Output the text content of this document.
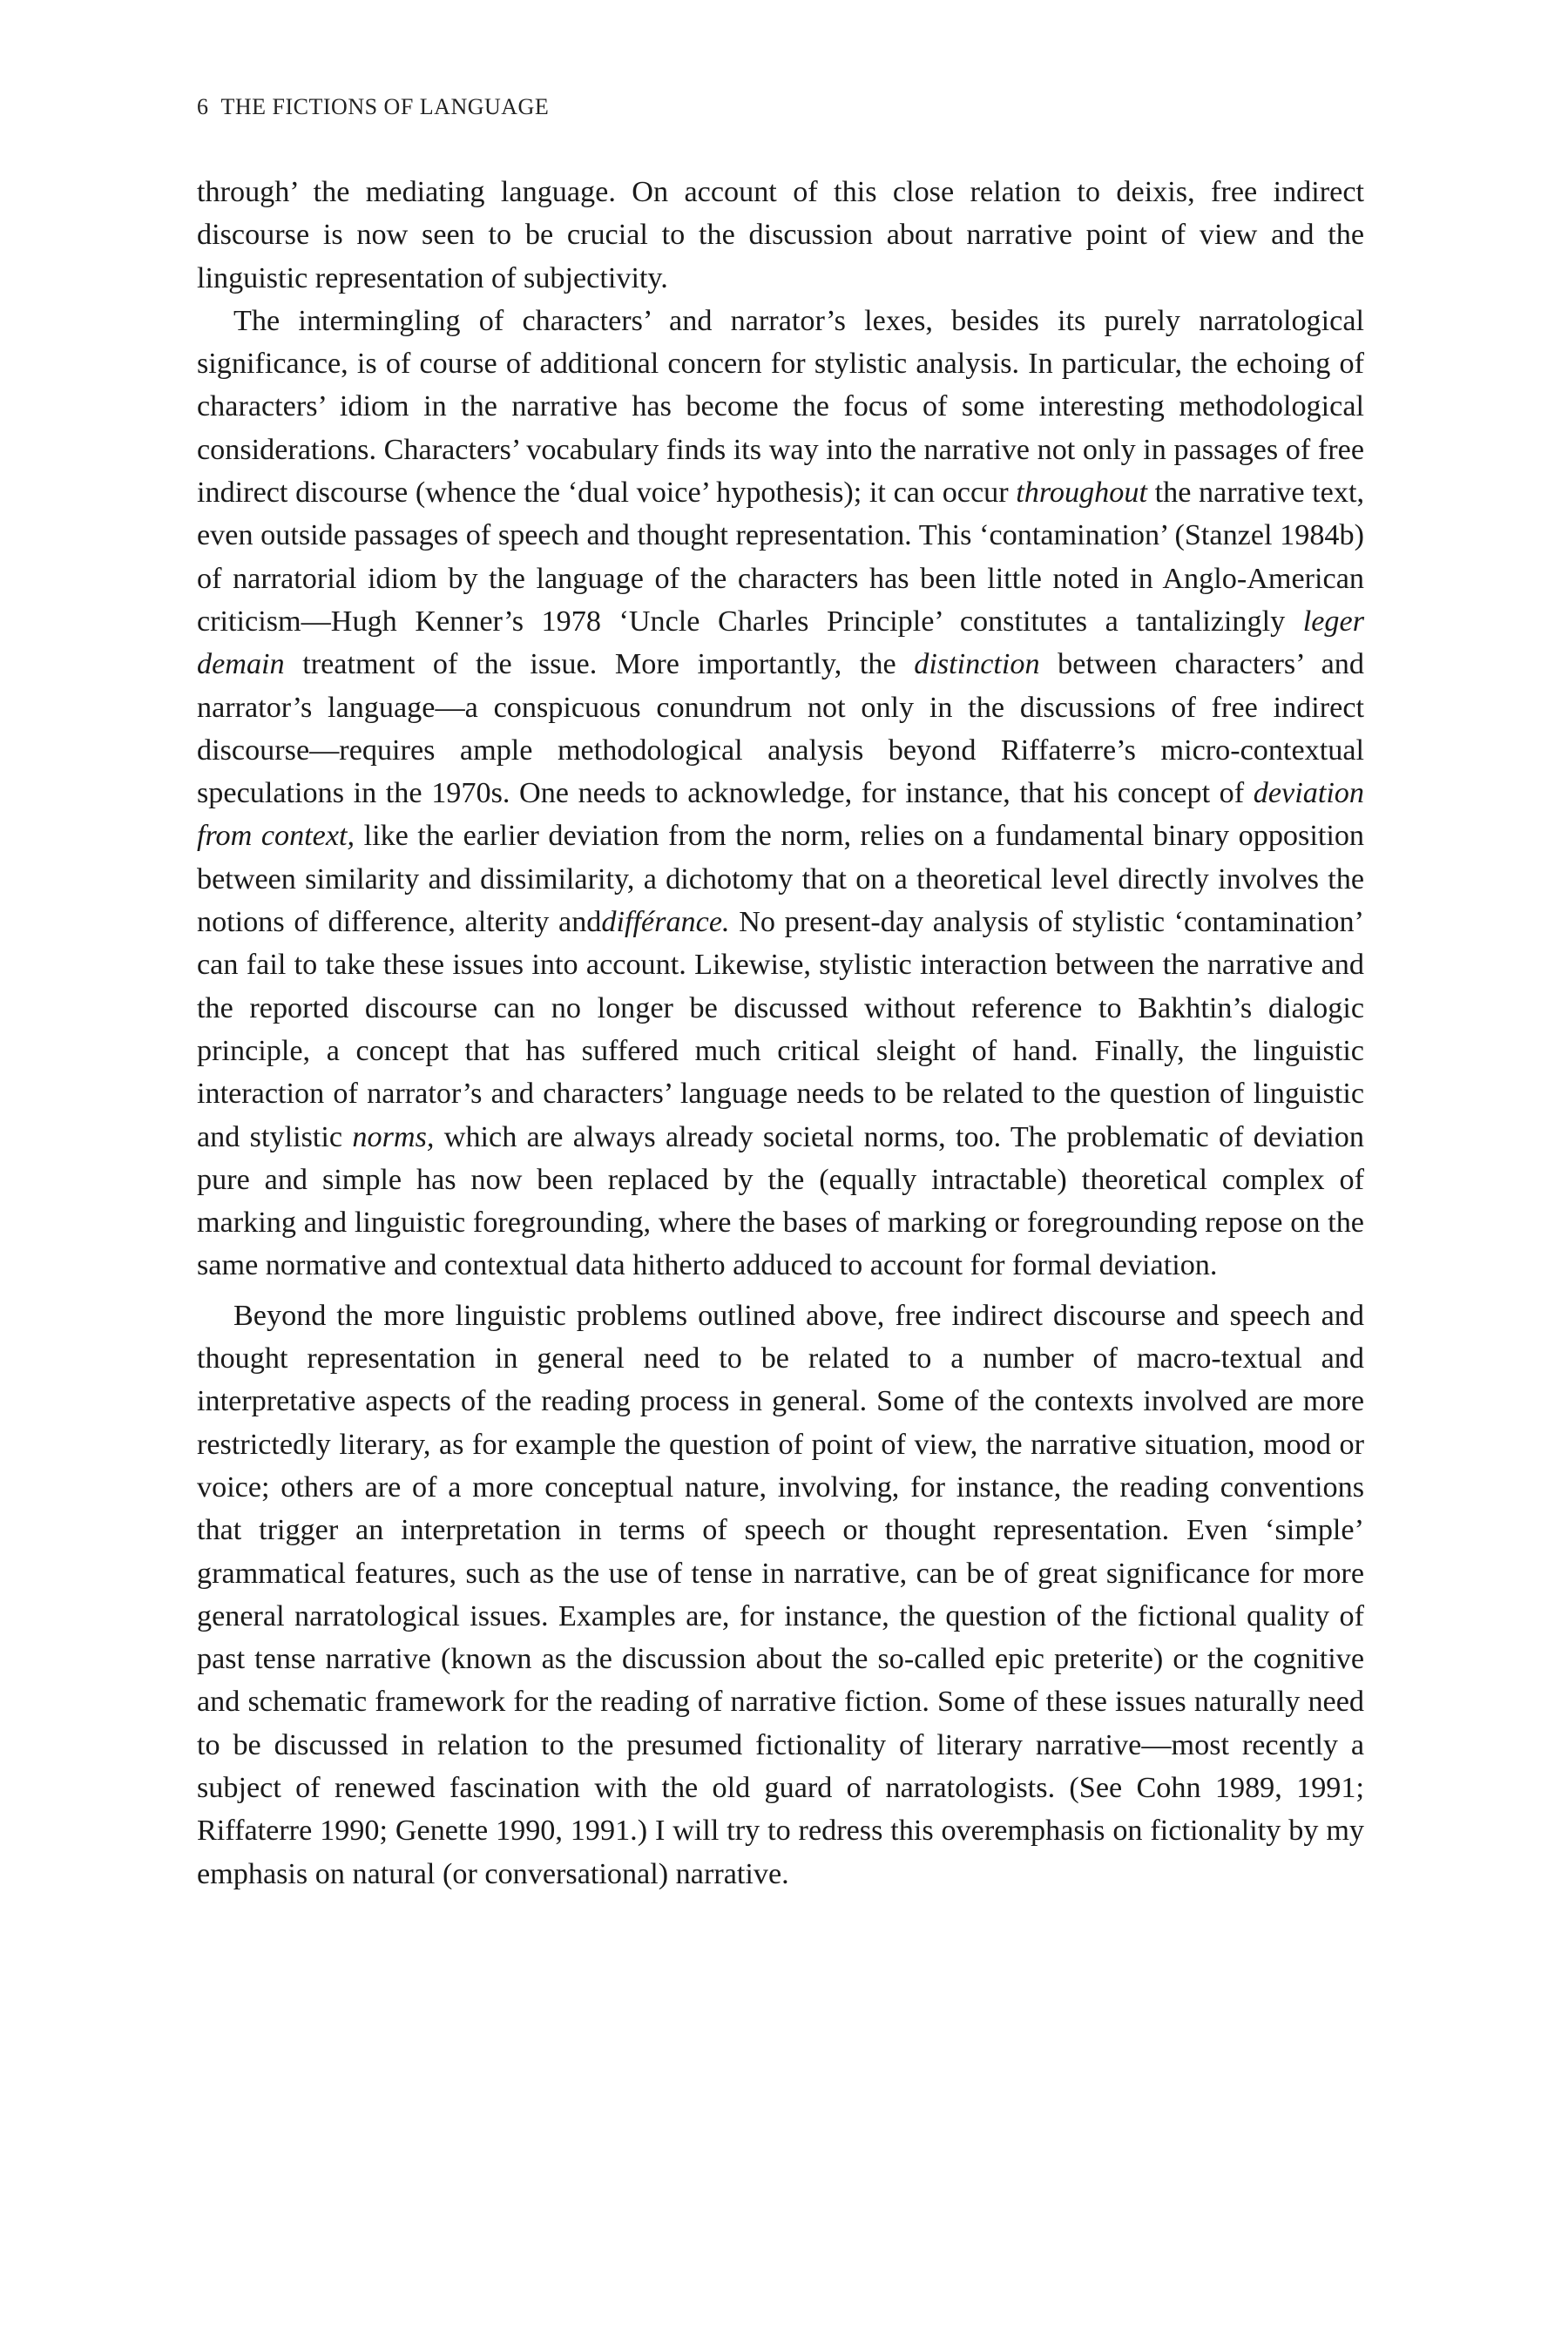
6 THE FICTIONS OF LANGUAGE

through’ the mediating language. On account of this close relation to deixis, free indirect discourse is now seen to be crucial to the discussion about narrative point of view and the linguistic representation of subjectivity.

The intermingling of characters’ and narrator’s lexes, besides its purely narratological significance, is of course of additional concern for stylistic analysis. In particular, the echoing of characters’ idiom in the narrative has become the focus of some interesting methodological considerations. Characters’ vocabulary finds its way into the narrative not only in passages of free indirect discourse (whence the ‘dual voice’ hypothesis); it can occur throughout the narrative text, even outside passages of speech and thought representation. This ‘contamination’ (Stanzel 1984b) of narratorial idiom by the language of the characters has been little noted in Anglo-American criticism—Hugh Kenner’s 1978 ‘Uncle Charles Principle’ constitutes a tantalizingly leger demain treatment of the issue. More importantly, the distinction between characters’ and narrator’s language—a conspicuous conundrum not only in the discussions of free indirect discourse—requires ample methodological analysis beyond Riffaterre’s micro-contextual speculations in the 1970s. One needs to acknowledge, for instance, that his concept of deviation from context, like the earlier deviation from the norm, relies on a fundamental binary opposition between similarity and dissimilarity, a dichotomy that on a theoretical level directly involves the notions of difference, alterity anddifférance. No present-day analysis of stylistic ‘contamination’ can fail to take these issues into account. Likewise, stylistic interaction between the narrative and the reported discourse can no longer be discussed without reference to Bakhtin’s dialogic principle, a concept that has suffered much critical sleight of hand. Finally, the linguistic interaction of narrator’s and characters’ language needs to be related to the question of linguistic and stylistic norms, which are always already societal norms, too. The problematic of deviation pure and simple has now been replaced by the (equally intractable) theoretical complex of marking and linguistic foregrounding, where the bases of marking or foregrounding repose on the same normative and contextual data hitherto adduced to account for formal deviation.

Beyond the more linguistic problems outlined above, free indirect discourse and speech and thought representation in general need to be related to a number of macro-textual and interpretative aspects of the reading process in general. Some of the contexts involved are more restrictedly literary, as for example the question of point of view, the narrative situation, mood or voice; others are of a more conceptual nature, involving, for instance, the reading conventions that trigger an interpretation in terms of speech or thought representation. Even ‘simple’ grammatical features, such as the use of tense in narrative, can be of great significance for more general narratological issues. Examples are, for instance, the question of the fictional quality of past tense narrative (known as the discussion about the so-called epic preterite) or the cognitive and schematic framework for the reading of narrative fiction. Some of these issues naturally need to be discussed in relation to the presumed fictionality of literary narrative—most recently a subject of renewed fascination with the old guard of narratologists. (See Cohn 1989, 1991; Riffaterre 1990; Genette 1990, 1991.) I will try to redress this overemphasis on fictionality by my emphasis on natural (or conversational) narrative.
